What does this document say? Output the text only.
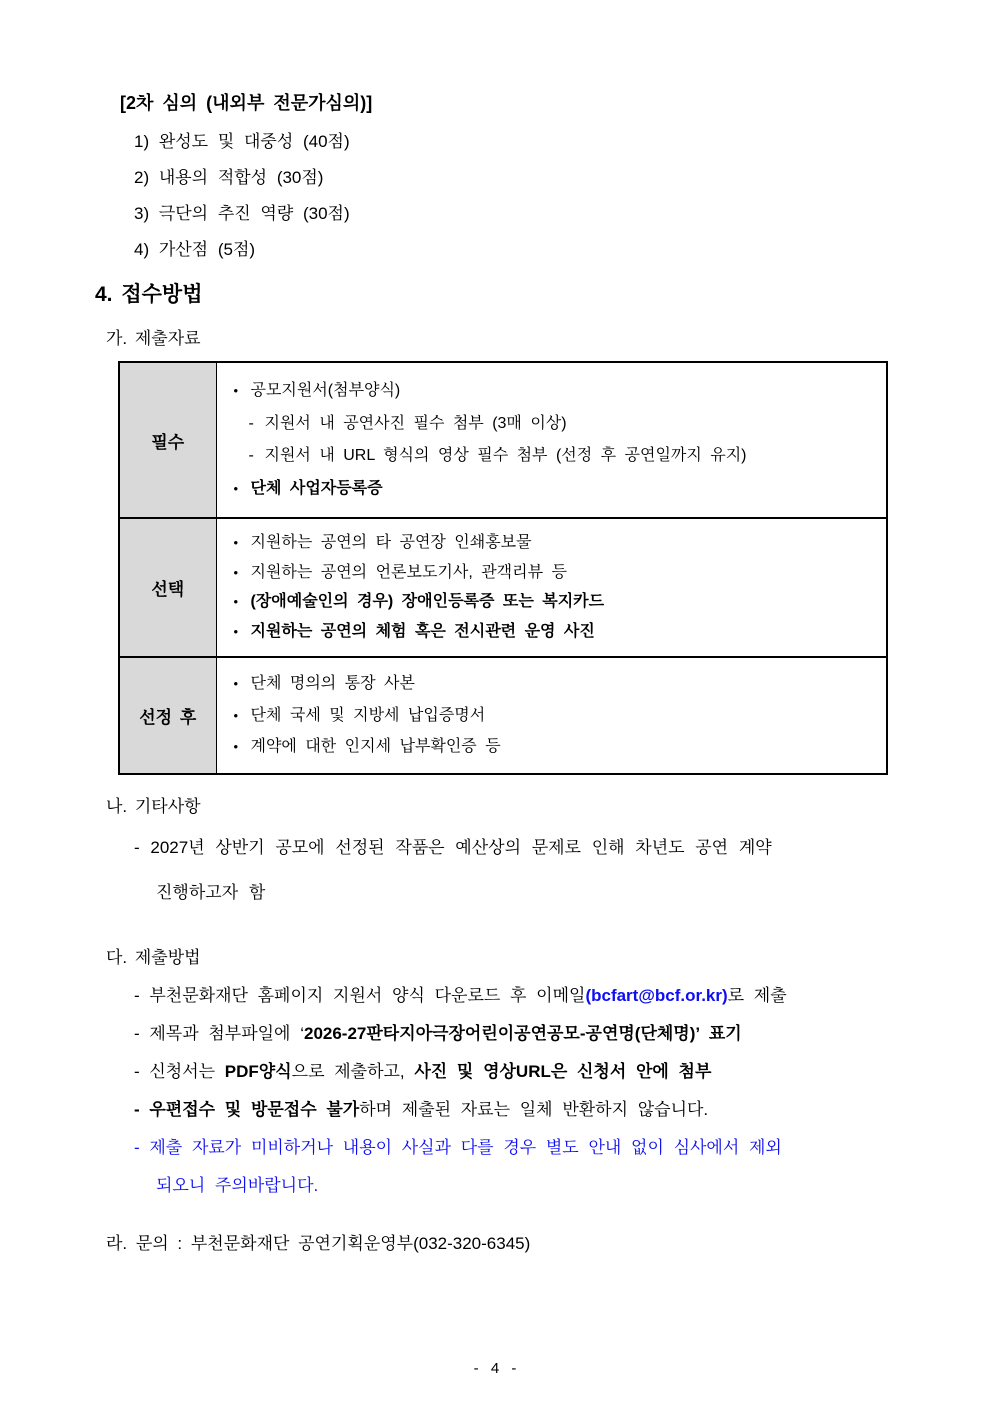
[2차 심의 (내외부 전문가심의)]
1) 완성도 및 대중성 (40점)
2) 내용의 적합성 (30점)
3) 극단의 추진 역량 (30점)
4) 가산점 (5점)
4. 접수방법
가. 제출자료
필수	
• 공모지원서(첨부양식)
- 지원서 내 공연사진 필수 첨부 (3매 이상)
- 지원서 내 URL 형식의 영상 필수 첨부 (선정 후 공연일까지 유지)
• 단체 사업자등록증

선택	
• 지원하는 공연의 타 공연장 인쇄홍보물
• 지원하는 공연의 언론보도기사, 관객리뷰 등
• (장애예술인의 경우) 장애인등록증 또는 복지카드
• 지원하는 공연의 체험 혹은 전시관련 운영 사진

선정 후	
• 단체 명의의 통장 사본
• 단체 국세 및 지방세 납입증명서
• 계약에 대한 인지세 납부확인증 등
나. 기타사항
- 2027년 상반기 공모에 선정된 작품은 예산상의 문제로 인해 차년도 공연 계약
진행하고자 함
다. 제출방법
- 부천문화재단 홈페이지 지원서 양식 다운로드 후 이메일(bcfart@bcf.or.kr)로 제출
- 제목과 첨부파일에 ‘2026-27판타지아극장어린이공연공모-공연명(단체명)’ 표기
- 신청서는 PDF양식으로 제출하고, 사진 및 영상URL은 신청서 안에 첨부
- 우편접수 및 방문접수 불가하며 제출된 자료는 일체 반환하지 않습니다.
- 제출 자료가 미비하거나 내용이 사실과 다를 경우 별도 안내 없이 심사에서 제외
되오니 주의바랍니다.
라. 문의 : 부천문화재단 공연기획운영부(032-320-6345)
- 4 -
